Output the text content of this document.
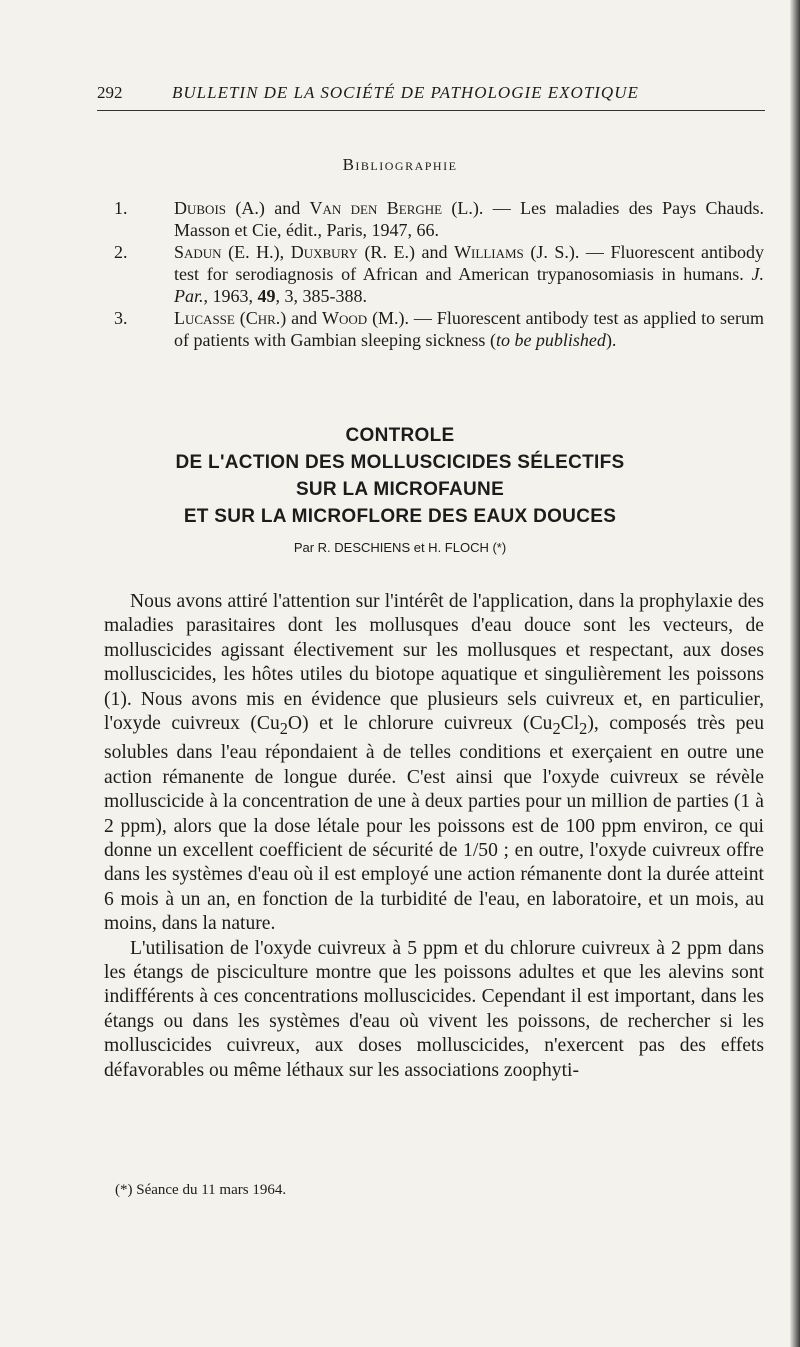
292	BULLETIN DE LA SOCIÉTÉ DE PATHOLOGIE EXOTIQUE
Bibliographie
1.	Dubois (A.) and Van den Berghe (L.). — Les maladies des Pays Chauds. Masson et Cie, édit., Paris, 1947, 66.
2.	Sadun (E. H.), Duxbury (R. E.) and Williams (J. S.). — Fluorescent antibody test for serodiagnosis of African and American trypanosomiasis in humans. J. Par., 1963, 49, 3, 385-388.
3.	Lucasse (Chr.) and Wood (M.). — Fluorescent antibody test as applied to serum of patients with Gambian sleeping sickness (to be published).
CONTROLE
DE L'ACTION DES MOLLUSCICIDES SÉLECTIFS
SUR LA MICROFAUNE
ET SUR LA MICROFLORE DES EAUX DOUCES
Par R. DESCHIENS et H. FLOCH (*)

Nous avons attiré l'attention sur l'intérêt de l'application, dans la prophylaxie des maladies parasitaires dont les mollusques d'eau douce sont les vecteurs, de molluscicides agissant électivement sur les mollusques et respectant, aux doses molluscicides, les hôtes utiles du biotope aquatique et singulièrement les poissons (1). Nous avons mis en évidence que plusieurs sels cuivreux et, en particulier, l'oxyde cuivreux $(Cu_2O)$ et le chlorure cuivreux $(Cu_2Cl_2)$, composés très peu solubles dans l'eau répondaient à de telles conditions et exerçaient en outre une action rémanente de longue durée. C'est ainsi que l'oxyde cuivreux se révèle molluscicide à la concentration de une à deux parties pour un million de parties (1 à 2 ppm), alors que la dose létale pour les poissons est de 100 ppm environ, ce qui donne un excellent coefficient de sécurité de 1/50 ; en outre, l'oxyde cuivreux offre dans les systèmes d'eau où il est employé une action rémanente dont la durée atteint 6 mois à un an, en fonction de la turbidité de l'eau, en laboratoire, et un mois, au moins, dans la nature.

L'utilisation de l'oxyde cuivreux à 5 ppm et du chlorure cuivreux à 2 ppm dans les étangs de pisciculture montre que les poissons adultes et que les alevins sont indifférents à ces concentrations molluscicides. Cependant il est important, dans les étangs ou dans les systèmes d'eau où vivent les poissons, de rechercher si les molluscicides cuivreux, aux doses molluscicides, n'exercent pas des effets défavorables ou même léthaux sur les associations zoophyti-

(*) Séance du 11 mars 1964.
